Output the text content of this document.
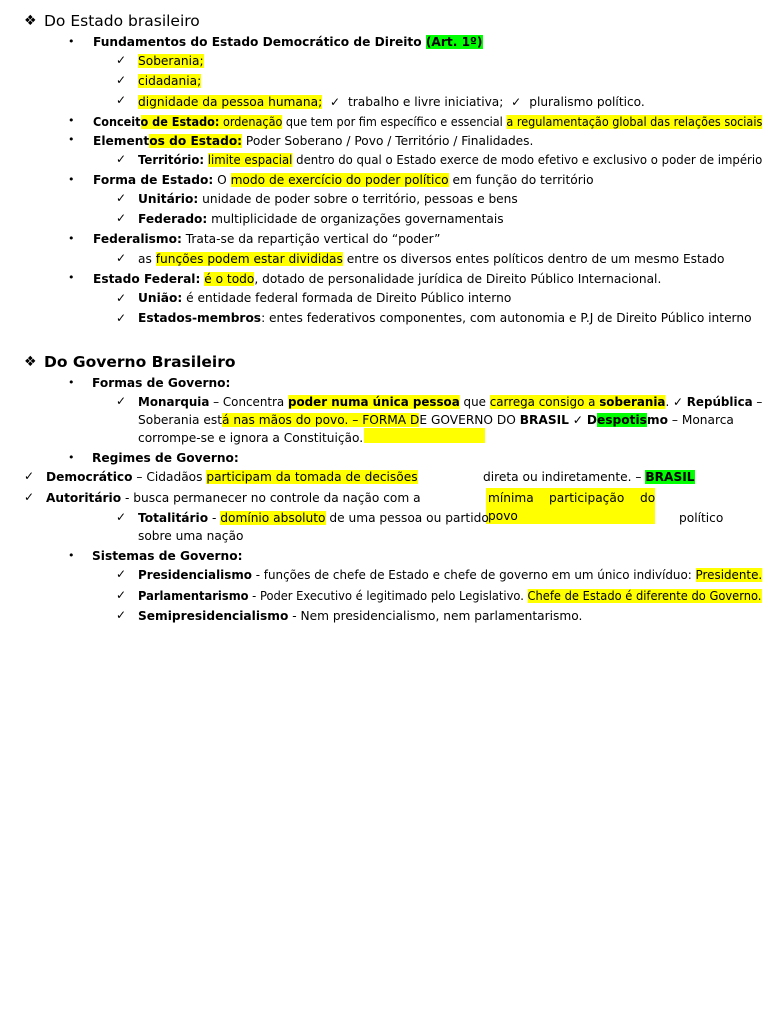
❖ Do Estado brasileiro
• Fundamentos do Estado Democrático de Direito (Art. 1º)
✓ Soberania;
✓ cidadania;
✓ dignidade da pessoa humana; ✓ trabalho e livre iniciativa; ✓ pluralismo político.
• Conceito de Estado: ordenação que tem por fim específico e essencial a regulamentação global das relações sociais
• Elementos do Estado: Poder Soberano / Povo / Território / Finalidades.
✓ Território: limite espacial dentro do qual o Estado exerce de modo efetivo e exclusivo o poder de império
• Forma de Estado: O modo de exercício do poder político em função do território
✓ Unitário: unidade de poder sobre o território, pessoas e bens
✓ Federado: multiplicidade de organizações governamentais
• Federalismo: Trata-se da repartição vertical do “poder”
✓ as funções podem estar divididas entre os diversos entes políticos dentro de um mesmo Estado
• Estado Federal: é o todo, dotado de personalidade jurídica de Direito Público Internacional.
✓ União: é entidade federal formada de Direito Público interno
✓ Estados-membros: entes federativos componentes, com autonomia e P.J de Direito Público interno
❖ Do Governo Brasileiro
• Formas de Governo:
✓ Monarquia – Concentra poder numa única pessoa que carrega consigo a soberania. ✓ República –
Soberania está nas mãos do povo. – FORMA DE GOVERNO DO BRASIL ✓ Despotismo – Monarca
corrompe-se e ignora a Constituição.
• Regimes de Governo:
✓ Democrático – Cidadãos participam da tomada de decisões	direta ou indiretamente. – BRASIL
✓ Autoritário - busca permanecer no controle da nação com a	mínima participação do
povo	político
✓ Totalitário - domínio absoluto de uma pessoa ou partido
sobre uma nação
• Sistemas de Governo:
✓ Presidencialismo - funções de chefe de Estado e chefe de governo em um único indivíduo: Presidente.
✓ Parlamentarismo - Poder Executivo é legitimado pelo Legislativo. Chefe de Estado é diferente do Governo.
✓ Semipresidencialismo - Nem presidencialismo, nem parlamentarismo.
